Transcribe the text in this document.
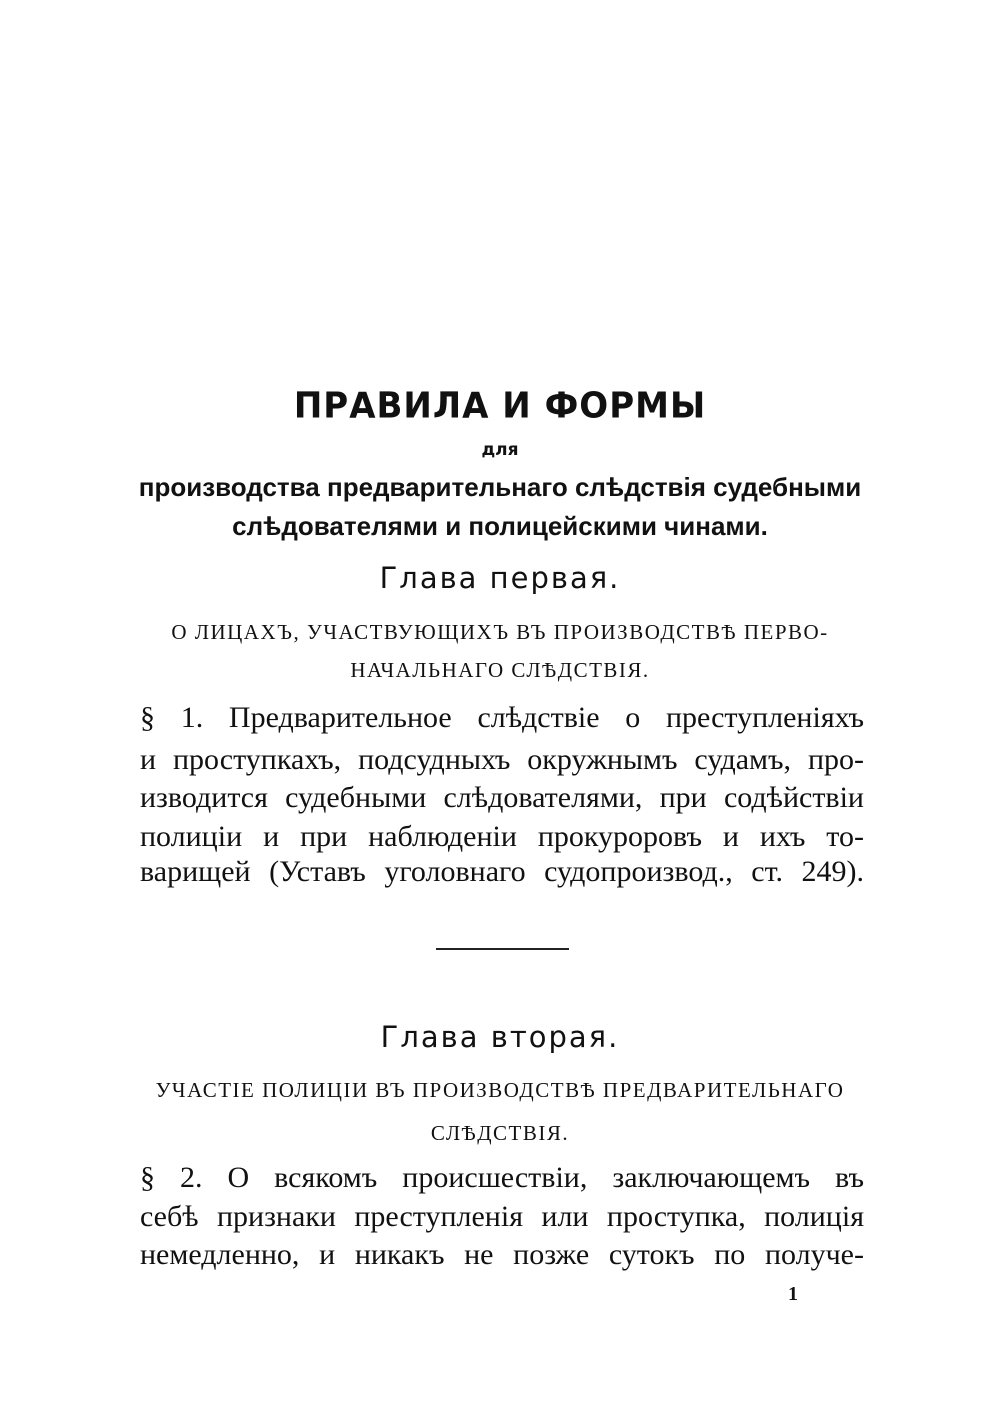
ПРАВИЛА И ФОРМЫ
для
производства предварительнаго слѣдствія судебными
слѣдователями и полицейскими чинами.
Глава первая.
О ЛИЦАХЪ, УЧАСТВУЮЩИХЪ ВЪ ПРОИЗВОДСТВѢ ПЕРВО-
НАЧАЛЬНАГО СЛѢДСТВІЯ.
§ 1. Предварительное слѣдствіе о преступленіяхъ
и проступкахъ, подсудныхъ окружнымъ судамъ, про-
изводится судебными слѣдователями, при содѣйствіи
полиціи и при наблюденіи прокуроровъ и ихъ то-
варищей (Уставъ уголовнаго судопроизвод., ст. 249).
Глава вторая.
УЧАСТІЕ ПОЛИЦІИ ВЪ ПРОИЗВОДСТВѢ ПРЕДВАРИТЕЛЬНАГО
СЛѢДСТВІЯ.
§ 2. О всякомъ происшествіи, заключающемъ въ
себѣ признаки преступленія или проступка, полиція
немедленно, и никакъ не позже сутокъ по получе-
1
